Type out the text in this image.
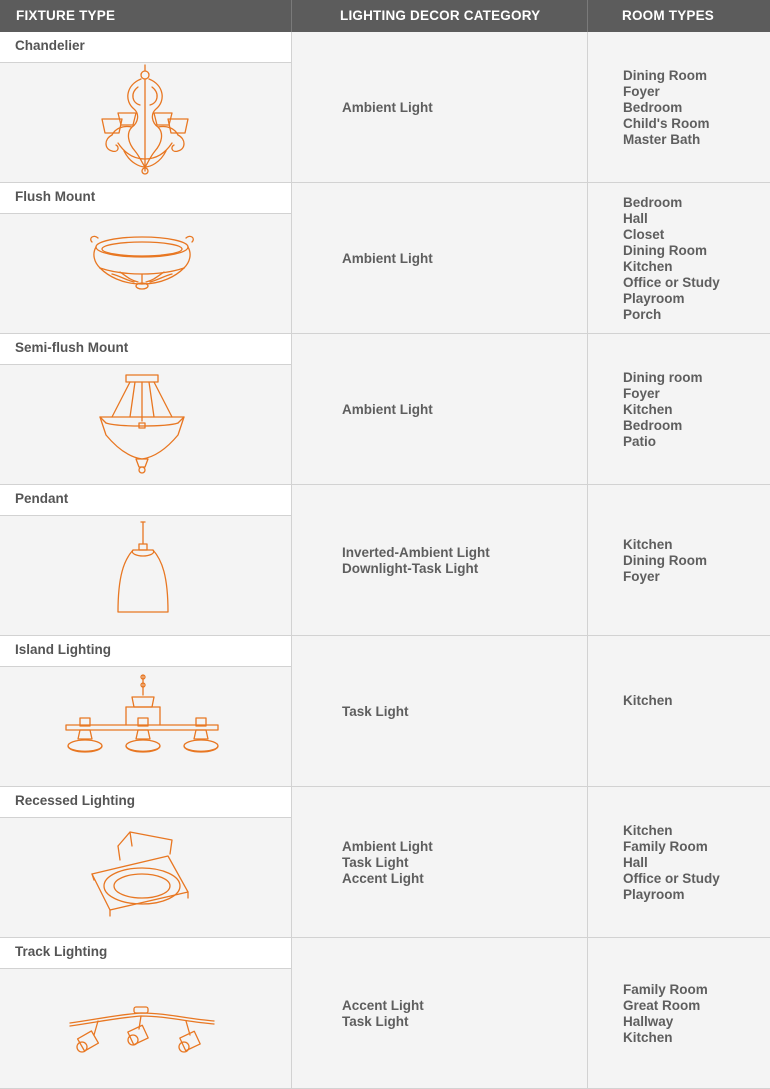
FIXTURE TYPE	LIGHTING DECOR CATEGORY	ROOM TYPES
Chandelier
Ambient Light
Dining Room
Foyer
Bedroom
Child's Room
Master Bath
Flush Mount
Ambient Light
Bedroom
Hall
Closet
Dining Room
Kitchen
Office or Study
Playroom
Porch
Semi-flush Mount
Ambient Light
Dining room
Foyer
Kitchen
Bedroom
Patio
Pendant
Inverted-Ambient Light
Downlight-Task Light
Kitchen
Dining Room
Foyer
Island Lighting
Task Light
Kitchen
Recessed Lighting
Ambient Light
Task Light
Accent Light
Kitchen
Family Room
Hall
Office or Study
Playroom
Track Lighting
Accent Light
Task Light
Family Room
Great Room
Hallway
Kitchen
